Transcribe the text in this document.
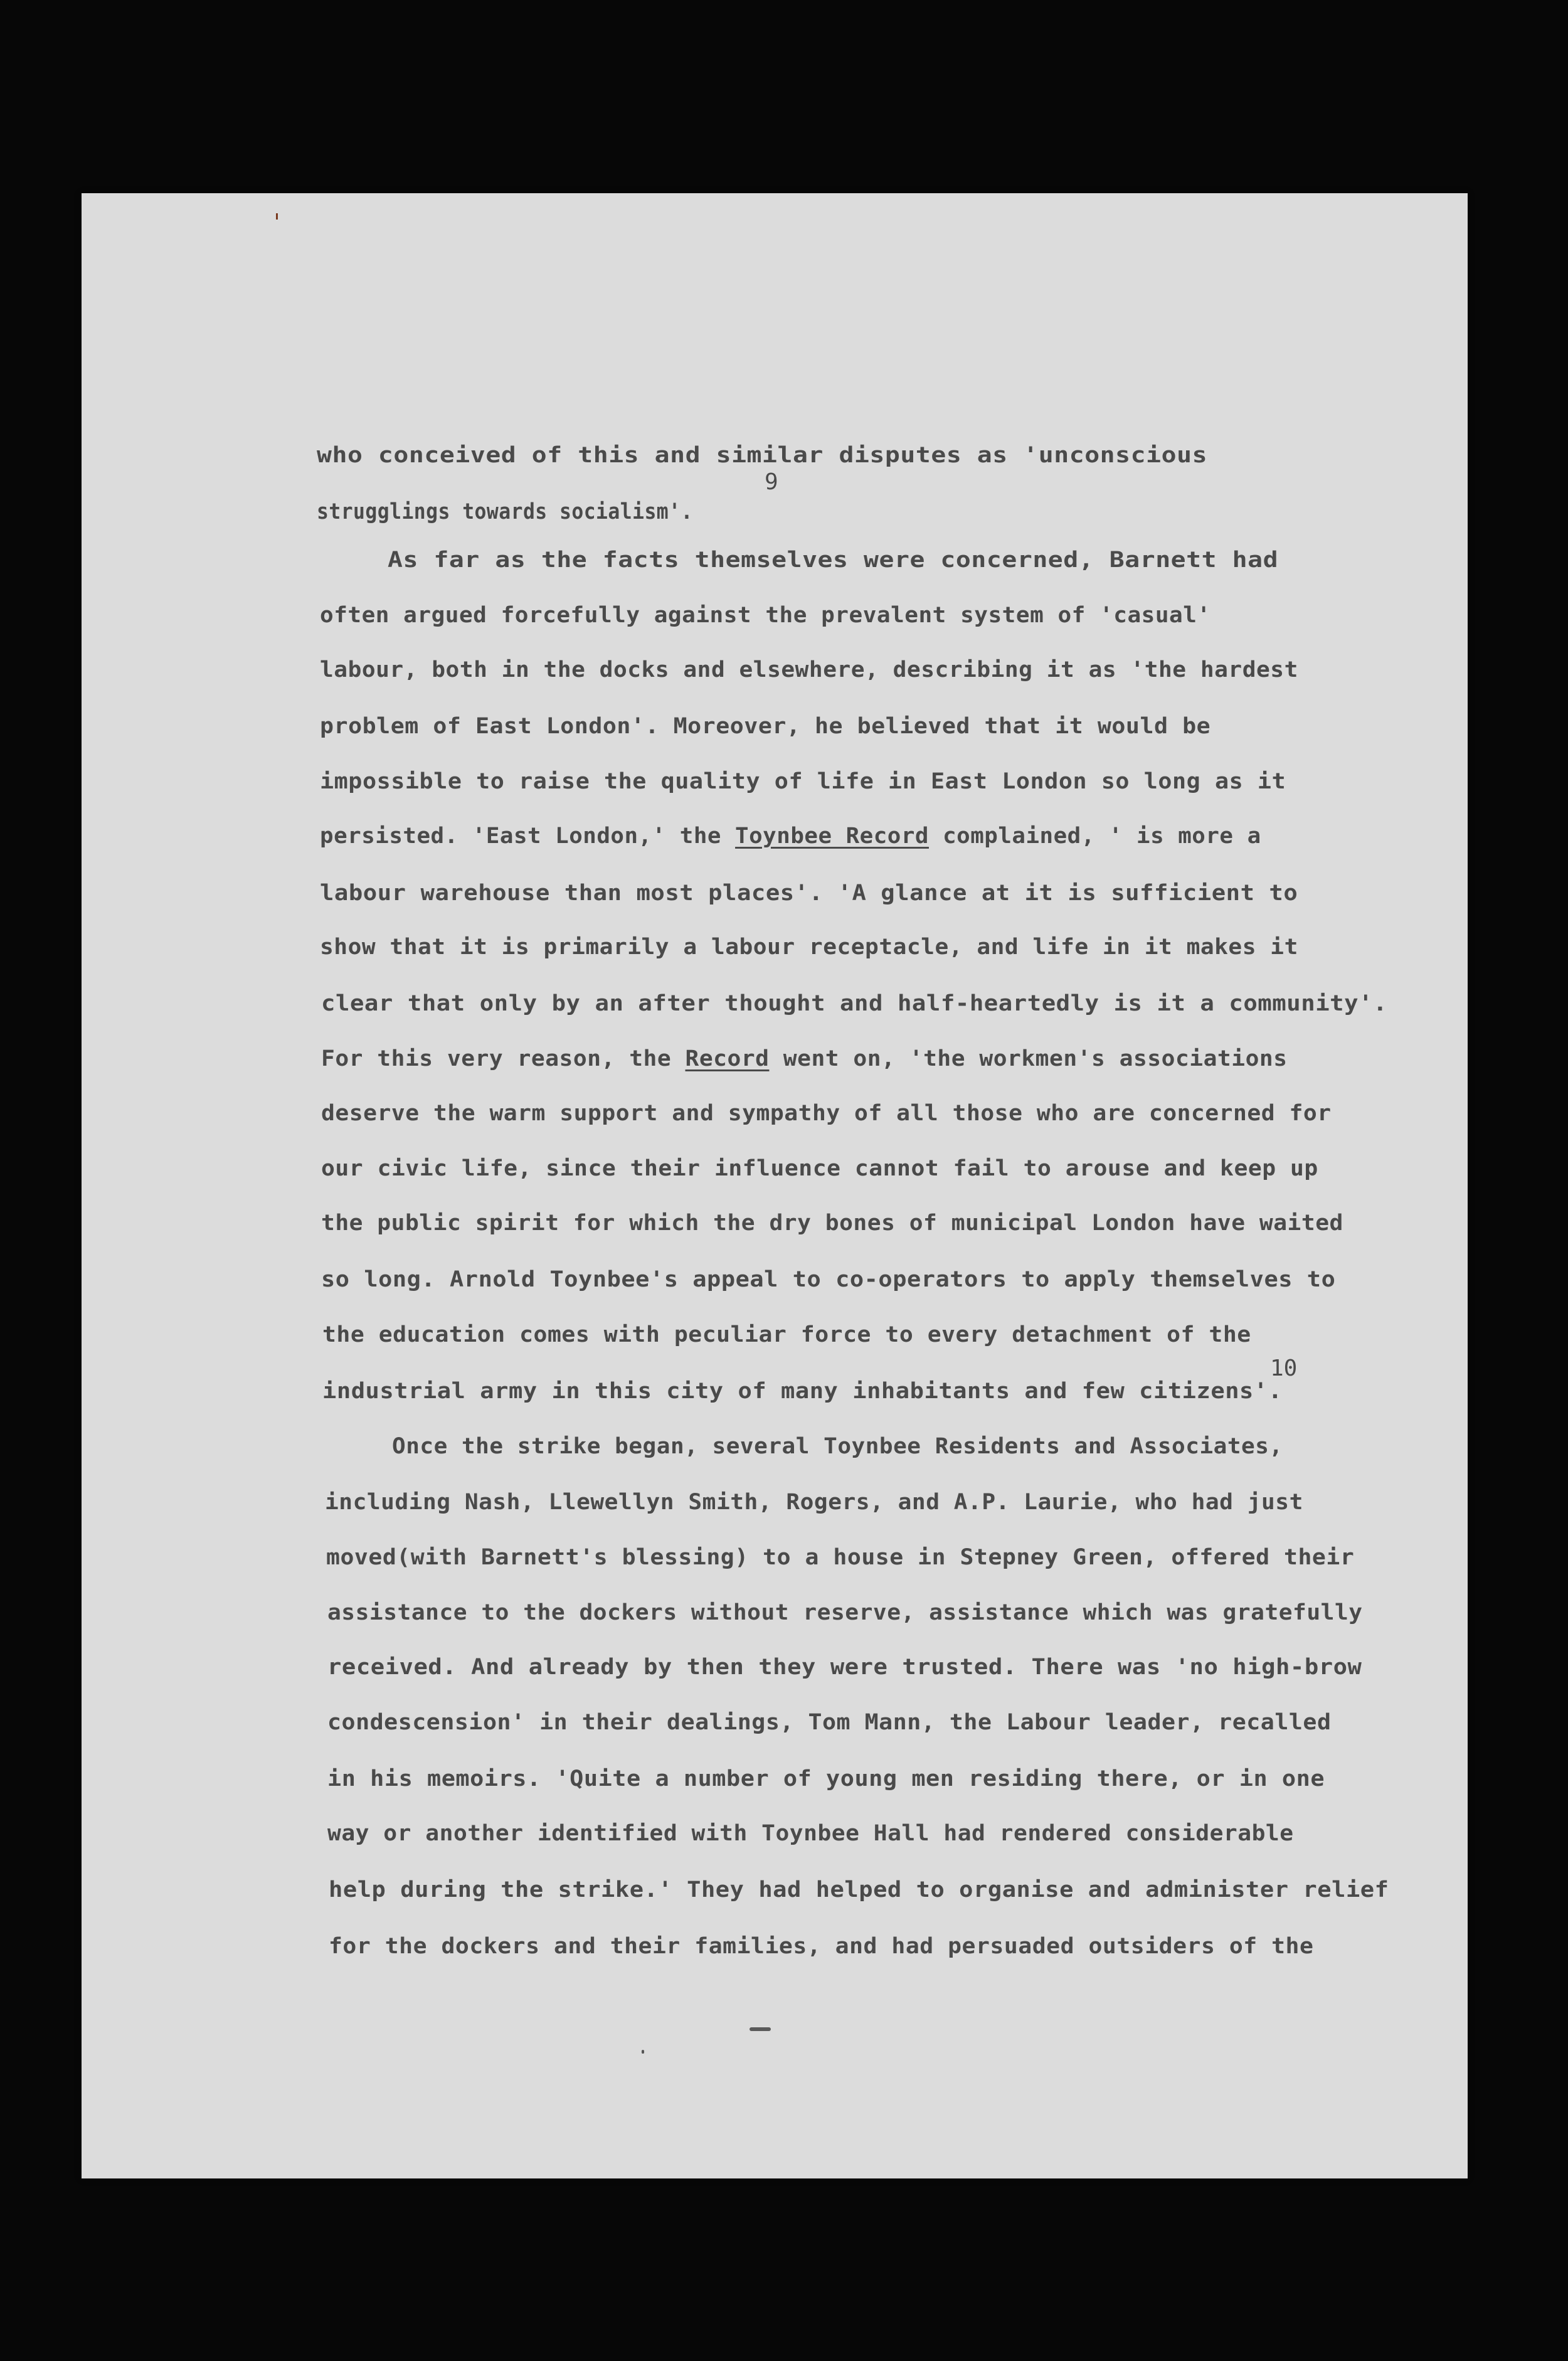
who conceived of this and similar disputes as 'unconscious
strugglings towards socialism'.
As far as the facts themselves were concerned, Barnett had
often argued forcefully against the prevalent system of 'casual'
labour, both in the docks and elsewhere, describing it as 'the hardest
problem of East London'. Moreover, he believed that it would be
impossible to raise the quality of life in East London so long as it
persisted. 'East London,' the Toynbee Record complained, ' is more a
labour warehouse than most places'. 'A glance at it is sufficient to
show that it is primarily a labour receptacle, and life in it makes it
clear that only by an after thought and half-heartedly is it a community'.
For this very reason, the Record went on, 'the workmen's associations
deserve the warm support and sympathy of all those who are concerned for
our civic life, since their influence cannot fail to arouse and keep up
the public spirit for which the dry bones of municipal London have waited
so long. Arnold Toynbee's appeal to co-operators to apply themselves to
the education comes with peculiar force to every detachment of the
industrial army in this city of many inhabitants and few citizens'.
Once the strike began, several Toynbee Residents and Associates,
including Nash, Llewellyn Smith, Rogers, and A.P. Laurie, who had just
moved(with Barnett's blessing) to a house in Stepney Green, offered their
assistance to the dockers without reserve, assistance which was gratefully
received. And already by then they were trusted. There was 'no high-brow
condescension' in their dealings, Tom Mann, the Labour leader, recalled
in his memoirs. 'Quite a number of young men residing there, or in one
way or another identified with Toynbee Hall had rendered considerable
help during the strike.' They had helped to organise and administer relief
for the dockers and their families, and had persuaded outsiders of the
9
10
